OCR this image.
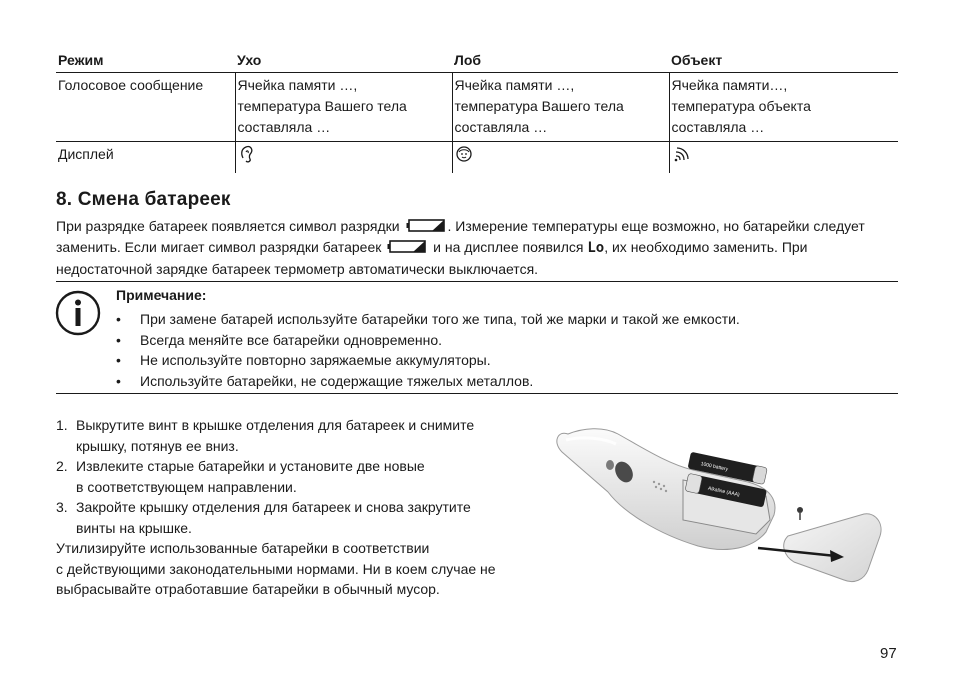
Режим	Ухо	Лоб	Объект
Голосовое сообщение	Ячейка памяти …,
температура Вашего тела
составляла …	Ячейка памяти …,
температура Вашего тела
составляла …	Ячейка памяти…,
температура объекта
составляла …
Дисплей			
8. Смена батареек

При разрядке батареек появляется символ разрядки	. Измерение температуры еще возможно, но батарейки следует заменить. Если мигает символ разрядки батареек	и на дисплее появился Lo, их необходимо заменить. При недостаточной зарядке батареек термометр автоматически выключается.

Примечание:

• При замене батарей используйте батарейки того же типа, той же марки и такой же емкости.
• Всегда меняйте все батарейки одновременно.
• Не используйте повторно заряжаемые аккумуляторы.
• Используйте батарейки, не содержащие тяжелых металлов.
1. Выкрутите винт в крышке отделения для батареек и снимите
крышку, потянув ее вниз.
2. Извлеките старые батарейки и установите две новые
в соответствующем направлении.
3. Закройте крышку отделения для батареек и снова закрутите
винты на крышке.

Утилизируйте использованные батарейки в соответствии
с действующими законодательными нормами. Ни в коем случае не
выбрасывайте отработавшие батарейки в обычный мусор.

1000 battery
Alkaline (AAA)
97
